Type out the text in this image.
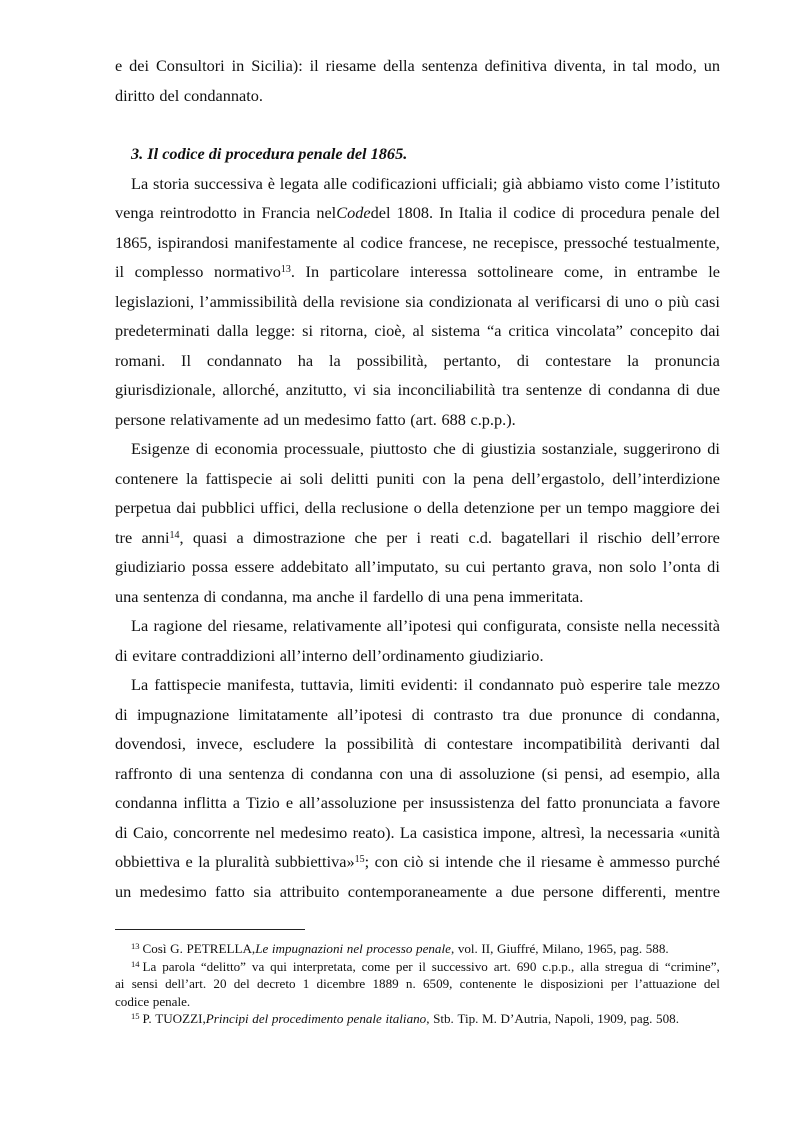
e dei Consultori in Sicilia): il riesame della sentenza definitiva diventa, in tal modo, un
diritto del condannato.
3. Il codice di procedura penale del 1865.
La storia successiva è legata alle codificazioni ufficiali; già abbiamo visto come l’istituto
venga reintrodotto in Francia nelCodedel 1808. In Italia il codice di procedura penale del
1865, ispirandosi manifestamente al codice francese, ne recepisce, pressoché testualmente,
il complesso normativo$^{13}$. In particolare interessa sottolineare come, in entrambe le
legislazioni, l’ammissibilità della revisione sia condizionata al verificarsi di uno o più casi
predeterminati dalla legge: si ritorna, cioè, al sistema “a critica vincolata” concepito dai
romani. Il condannato ha la possibilità, pertanto, di contestare la pronuncia
giurisdizionale, allorché, anzitutto, vi sia inconciliabilità tra sentenze di condanna di due
persone relativamente ad un medesimo fatto (art. 688 c.p.p.).
Esigenze di economia processuale, piuttosto che di giustizia sostanziale, suggerirono di
contenere la fattispecie ai soli delitti puniti con la pena dell’ergastolo, dell’interdizione
perpetua dai pubblici uffici, della reclusione o della detenzione per un tempo maggiore dei
tre anni$^{14}$, quasi a dimostrazione che per i reati c.d. bagatellari il rischio dell’errore
giudiziario possa essere addebitato all’imputato, su cui pertanto grava, non solo l’onta di
una sentenza di condanna, ma anche il fardello di una pena immeritata.
La ragione del riesame, relativamente all’ipotesi qui configurata, consiste nella necessità
di evitare contraddizioni all’interno dell’ordinamento giudiziario.
La fattispecie manifesta, tuttavia, limiti evidenti: il condannato può esperire tale mezzo
di impugnazione limitatamente all’ipotesi di contrasto tra due pronunce di condanna,
dovendosi, invece, escludere la possibilità di contestare incompatibilità derivanti dal
raffronto di una sentenza di condanna con una di assoluzione (si pensi, ad esempio, alla
condanna inflitta a Tizio e all’assoluzione per insussistenza del fatto pronunciata a favore
di Caio, concorrente nel medesimo reato). La casistica impone, altresì, la necessaria «unità
obbiettiva e la pluralità subbiettiva»$^{15}$; con ciò si intende che il riesame è ammesso purché
un medesimo fatto sia attribuito contemporaneamente a due persone differenti, mentre
$^{13}$ Così G. PETRELLA,Le impugnazioni nel processo penale, vol. II, Giuffré, Milano, 1965, pag. 588.
$^{14}$ La parola “delitto” va qui interpretata, come per il successivo art. 690 c.p.p., alla stregua di “crimine”,
ai sensi dell’art. 20 del decreto 1 dicembre 1889 n. 6509, contenente le disposizioni per l’attuazione del
codice penale.
$^{15}$ P. TUOZZI,Principi del procedimento penale italiano, Stb. Tip. M. D’Autria, Napoli, 1909, pag. 508.
